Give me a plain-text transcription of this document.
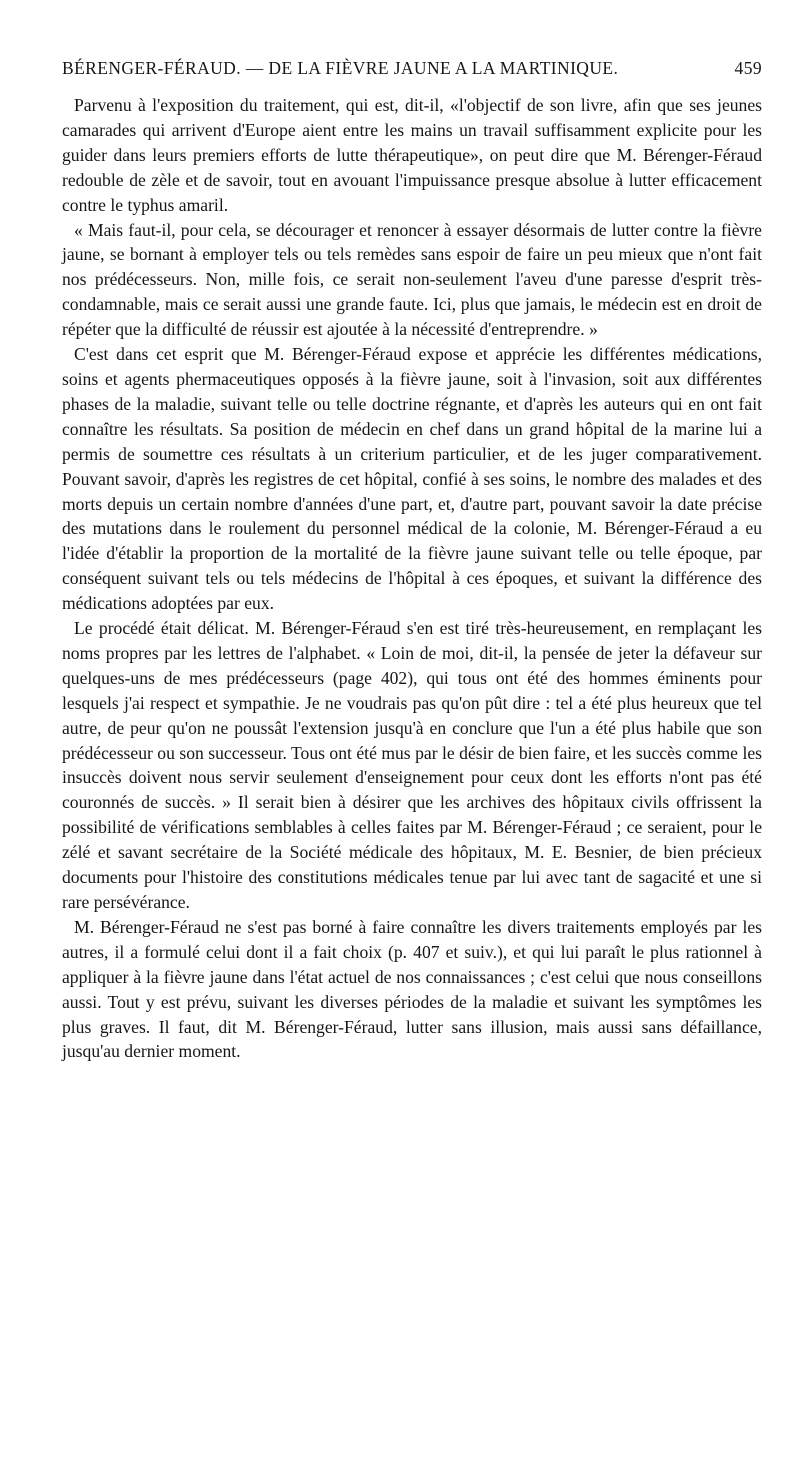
BÉRENGER-FÉRAUD. — DE LA FIÈVRE JAUNE A LA MARTINIQUE.	459

Parvenu à l'exposition du traitement, qui est, dit-il, «l'objectif de son livre, afin que ses jeunes camarades qui arrivent d'Europe aient entre les mains un travail suffisamment explicite pour les guider dans leurs premiers efforts de lutte thérapeutique», on peut dire que M. Bérenger-Féraud redouble de zèle et de savoir, tout en avouant l'impuissance presque absolue à lutter efficacement contre le typhus amaril.

« Mais faut-il, pour cela, se décourager et renoncer à essayer désormais de lutter contre la fièvre jaune, se bornant à employer tels ou tels remèdes sans espoir de faire un peu mieux que n'ont fait nos prédécesseurs. Non, mille fois, ce serait non-seulement l'aveu d'une paresse d'esprit très-condamnable, mais ce serait aussi une grande faute. Ici, plus que jamais, le médecin est en droit de répéter que la difficulté de réussir est ajoutée à la nécessité d'entreprendre. »

C'est dans cet esprit que M. Bérenger-Féraud expose et apprécie les différentes médications, soins et agents phermaceutiques opposés à la fièvre jaune, soit à l'invasion, soit aux différentes phases de la maladie, suivant telle ou telle doctrine régnante, et d'après les auteurs qui en ont fait connaître les résultats. Sa position de médecin en chef dans un grand hôpital de la marine lui a permis de soumettre ces résultats à un criterium particulier, et de les juger comparativement. Pouvant savoir, d'après les registres de cet hôpital, confié à ses soins, le nombre des malades et des morts depuis un certain nombre d'années d'une part, et, d'autre part, pouvant savoir la date précise des mutations dans le roulement du personnel médical de la colonie, M. Bérenger-Féraud a eu l'idée d'établir la proportion de la mortalité de la fièvre jaune suivant telle ou telle époque, par conséquent suivant tels ou tels médecins de l'hôpital à ces époques, et suivant la différence des médications adoptées par eux.

Le procédé était délicat. M. Bérenger-Féraud s'en est tiré très-heureusement, en remplaçant les noms propres par les lettres de l'alphabet. « Loin de moi, dit-il, la pensée de jeter la défaveur sur quelques-uns de mes prédécesseurs (page 402), qui tous ont été des hommes éminents pour lesquels j'ai respect et sympathie. Je ne voudrais pas qu'on pût dire : tel a été plus heureux que tel autre, de peur qu'on ne poussât l'extension jusqu'à en conclure que l'un a été plus habile que son prédécesseur ou son successeur. Tous ont été mus par le désir de bien faire, et les succès comme les insuccès doivent nous servir seulement d'enseignement pour ceux dont les efforts n'ont pas été couronnés de succès. » Il serait bien à désirer que les archives des hôpitaux civils offrissent la possibilité de vérifications semblables à celles faites par M. Bérenger-Féraud ; ce seraient, pour le zélé et savant secrétaire de la Société médicale des hôpitaux, M. E. Besnier, de bien précieux documents pour l'histoire des constitutions médicales tenue par lui avec tant de sagacité et une si rare persévérance.

M. Bérenger-Féraud ne s'est pas borné à faire connaître les divers traitements employés par les autres, il a formulé celui dont il a fait choix (p. 407 et suiv.), et qui lui paraît le plus rationnel à appliquer à la fièvre jaune dans l'état actuel de nos connaissances ; c'est celui que nous conseillons aussi. Tout y est prévu, suivant les diverses périodes de la maladie et suivant les symptômes les plus graves. Il faut, dit M. Bérenger-Féraud, lutter sans illusion, mais aussi sans défaillance, jusqu'au dernier moment.
